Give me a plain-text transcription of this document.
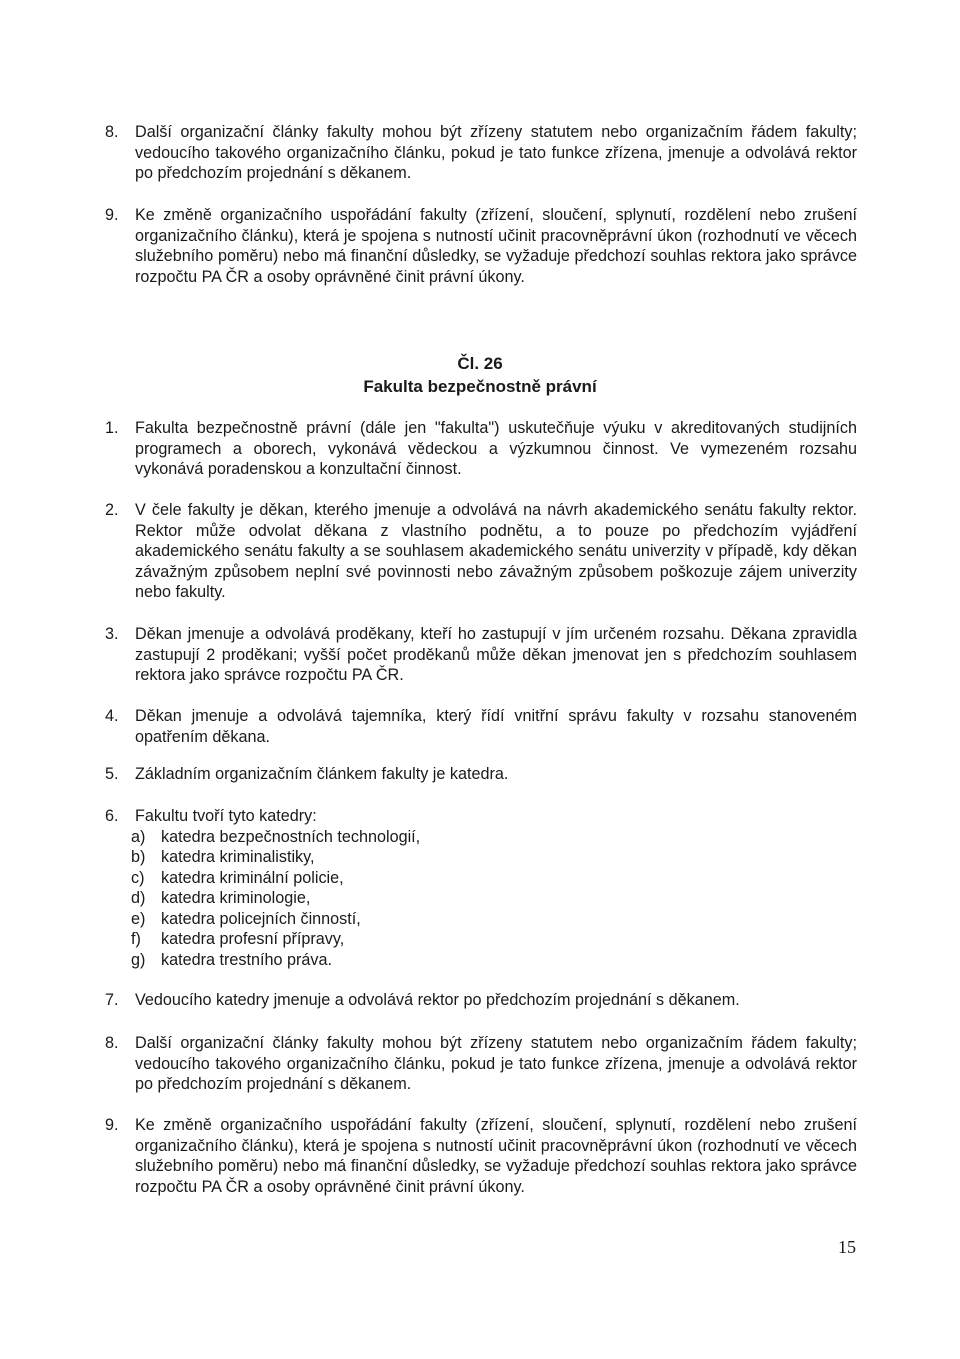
8.	Další organizační články fakulty mohou být zřízeny statutem nebo organizačním řádem fakulty; vedoucího takového organizačního článku, pokud je tato funkce zřízena, jmenuje a odvolává rektor po předchozím projednání s děkanem.
9.	Ke změně organizačního uspořádání fakulty (zřízení, sloučení, splynutí, rozdělení nebo zrušení organizačního článku), která je spojena s nutností učinit pracovněprávní úkon (rozhodnutí ve věcech služebního poměru) nebo má finanční důsledky, se vyžaduje předchozí souhlas rektora jako správce rozpočtu PA ČR a osoby oprávněné činit právní úkony.
Čl. 26
Fakulta bezpečnostně právní
1.	Fakulta bezpečnostně právní (dále jen "fakulta") uskutečňuje výuku v akreditovaných studijních programech a oborech, vykonává vědeckou a výzkumnou činnost. Ve vymezeném rozsahu vykonává poradenskou a konzultační činnost.
2.	V čele fakulty je děkan, kterého jmenuje a odvolává na návrh akademického senátu fakulty rektor. Rektor může odvolat děkana z vlastního podnětu, a to pouze po předchozím vyjádření akademického senátu fakulty a se souhlasem akademického senátu univerzity v případě, kdy děkan závažným způsobem neplní své povinnosti nebo závažným způsobem poškozuje zájem univerzity nebo fakulty.
3.	Děkan jmenuje a odvolává proděkany, kteří ho zastupují v jím určeném rozsahu. Děkana zpravidla zastupují 2 proděkani; vyšší počet proděkanů může děkan jmenovat jen s předchozím souhlasem rektora jako správce rozpočtu PA ČR.
4.	Děkan jmenuje a odvolává tajemníka, který řídí vnitřní správu fakulty v rozsahu stanoveném opatřením děkana.
5.	Základním organizačním článkem fakulty je katedra.
6.	Fakultu tvoří tyto katedry:
a) katedra bezpečnostních technologií,
b) katedra kriminalistiky,
c)	katedra kriminální policie,
d) katedra kriminologie,
e) katedra policejních činností,
f)	katedra profesní přípravy,
g) katedra trestního práva.
7.	Vedoucího katedry jmenuje a odvolává rektor po předchozím projednání s děkanem.
8.	Další organizační články fakulty mohou být zřízeny statutem nebo organizačním řádem fakulty; vedoucího takového organizačního článku, pokud je tato funkce zřízena, jmenuje a odvolává rektor po předchozím projednání s děkanem.
9.	Ke změně organizačního uspořádání fakulty (zřízení, sloučení, splynutí, rozdělení nebo zrušení organizačního článku), která je spojena s nutností učinit pracovněprávní úkon (rozhodnutí ve věcech služebního poměru) nebo má finanční důsledky, se vyžaduje předchozí souhlas rektora jako správce rozpočtu PA ČR a osoby oprávněné činit právní úkony.
15
